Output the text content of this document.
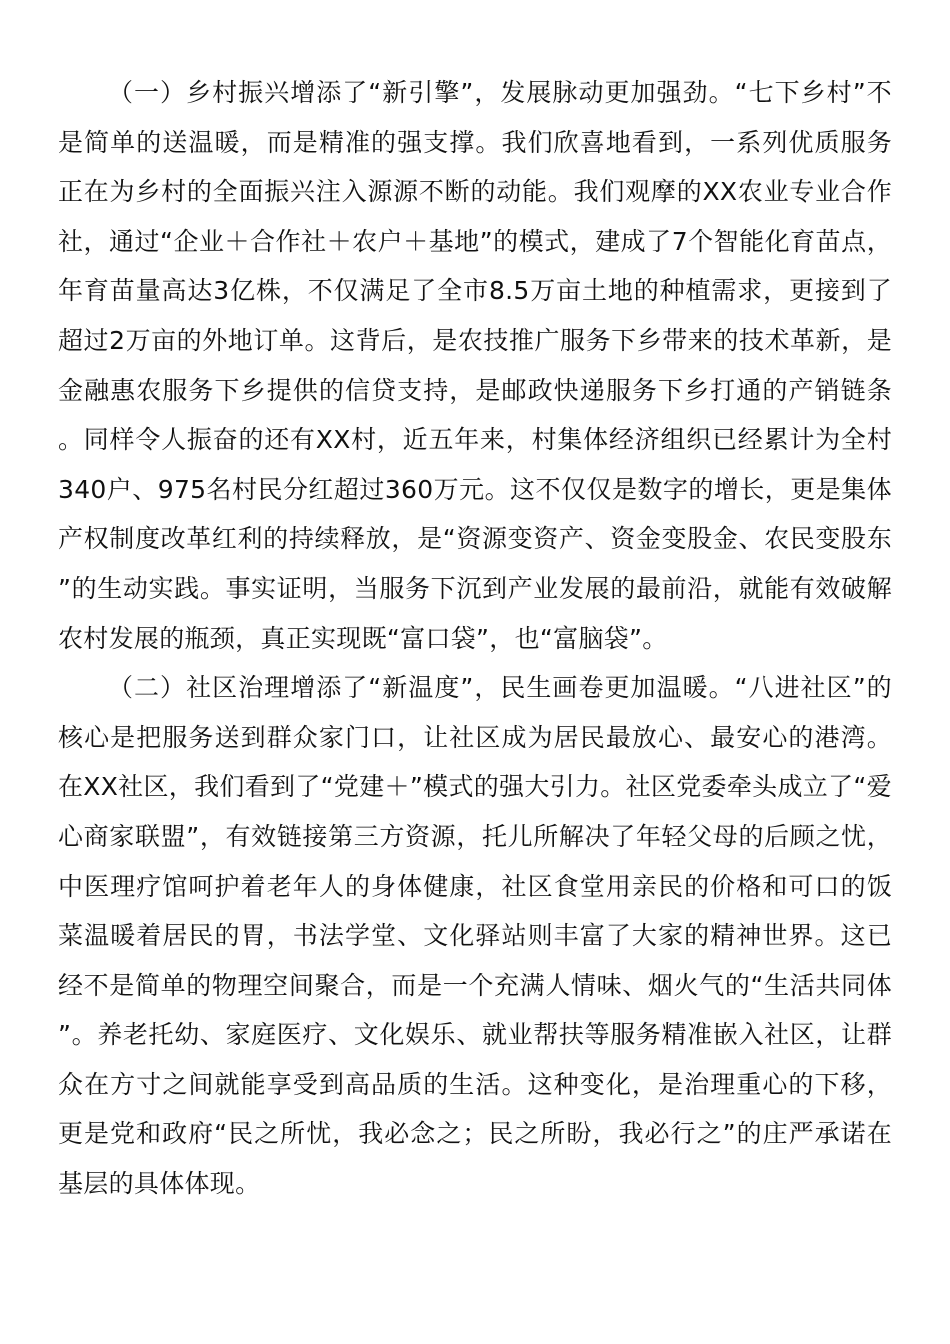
（一）乡村振兴增添了“新引擎”，发展脉动更加强劲。“七下乡村”不是简单的送温暖，而是精准的强支撑。我们欣喜地看到，一系列优质服务正在为乡村的全面振兴注入源源不断的动能。我们观摩的XX农业专业合作社，通过“企业＋合作社＋农户＋基地”的模式，建成了7个智能化育苗点，年育苗量高达3亿株，不仅满足了全市8.5万亩土地的种植需求，更接到了超过2万亩的外地订单。这背后，是农技推广服务下乡带来的技术革新，是金融惠农服务下乡提供的信贷支持，是邮政快递服务下乡打通的产销链条。同样令人振奋的还有XX村，近五年来，村集体经济组织已经累计为全村340户、975名村民分红超过360万元。这不仅仅是数字的增长，更是集体产权制度改革红利的持续释放，是“资源变资产、资金变股金、农民变股东”的生动实践。事实证明，当服务下沉到产业发展的最前沿，就能有效破解农村发展的瓶颈，真正实现既“富口袋”，也“富脑袋”。

（二）社区治理增添了“新温度”，民生画卷更加温暖。“八进社区”的核心是把服务送到群众家门口，让社区成为居民最放心、最安心的港湾。在XX社区，我们看到了“党建＋”模式的强大引力。社区党委牵头成立了“爱心商家联盟”，有效链接第三方资源，托儿所解决了年轻父母的后顾之忧，中医理疗馆呵护着老年人的身体健康，社区食堂用亲民的价格和可口的饭菜温暖着居民的胃，书法学堂、文化驿站则丰富了大家的精神世界。这已经不是简单的物理空间聚合，而是一个充满人情味、烟火气的“生活共同体”。养老托幼、家庭医疗、文化娱乐、就业帮扶等服务精准嵌入社区，让群众在方寸之间就能享受到高品质的生活。这种变化，是治理重心的下移，更是党和政府“民之所忧，我必念之；民之所盼，我必行之”的庄严承诺在基层的具体体现。
